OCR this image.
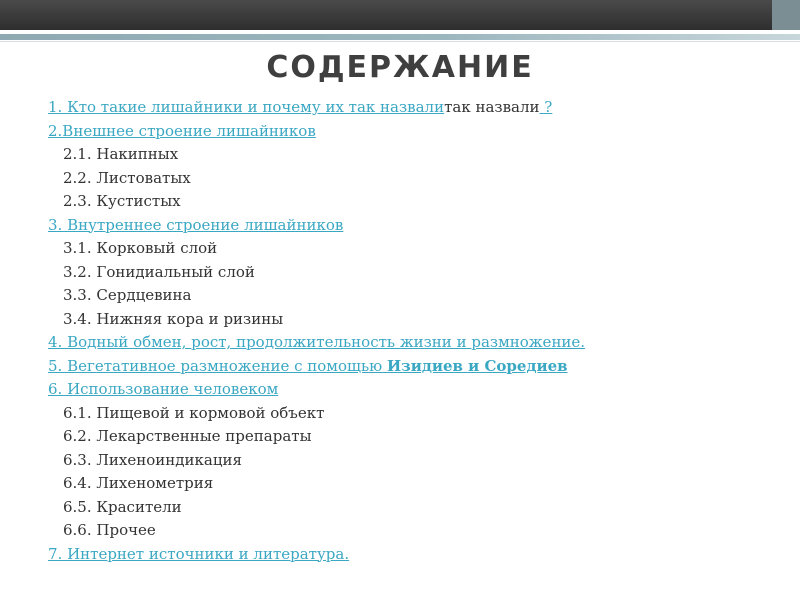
СОДЕРЖАНИЕ
1. Кто такие лишайники и почему их так назвалитак назвали ?
2.Внешнее строение лишайников
2.1. Накипных
2.2. Листоватых
2.3. Кустистых
3. Внутреннее строение лишайников
3.1. Корковый слой
3.2. Гонидиальный слой
3.3. Сердцевина
3.4. Нижняя кора и ризины
4. Водный обмен, рост, продолжительность жизни и размножение.
5. Вегетативное размножение с помощью Изидиев и Соредиев
6. Использование человеком
6.1. Пищевой и кормовой объект
6.2. Лекарственные препараты
6.3. Лихеноиндикация
6.4. Лихенометрия
6.5. Красители
6.6. Прочее
7. Интернет источники и литература.
